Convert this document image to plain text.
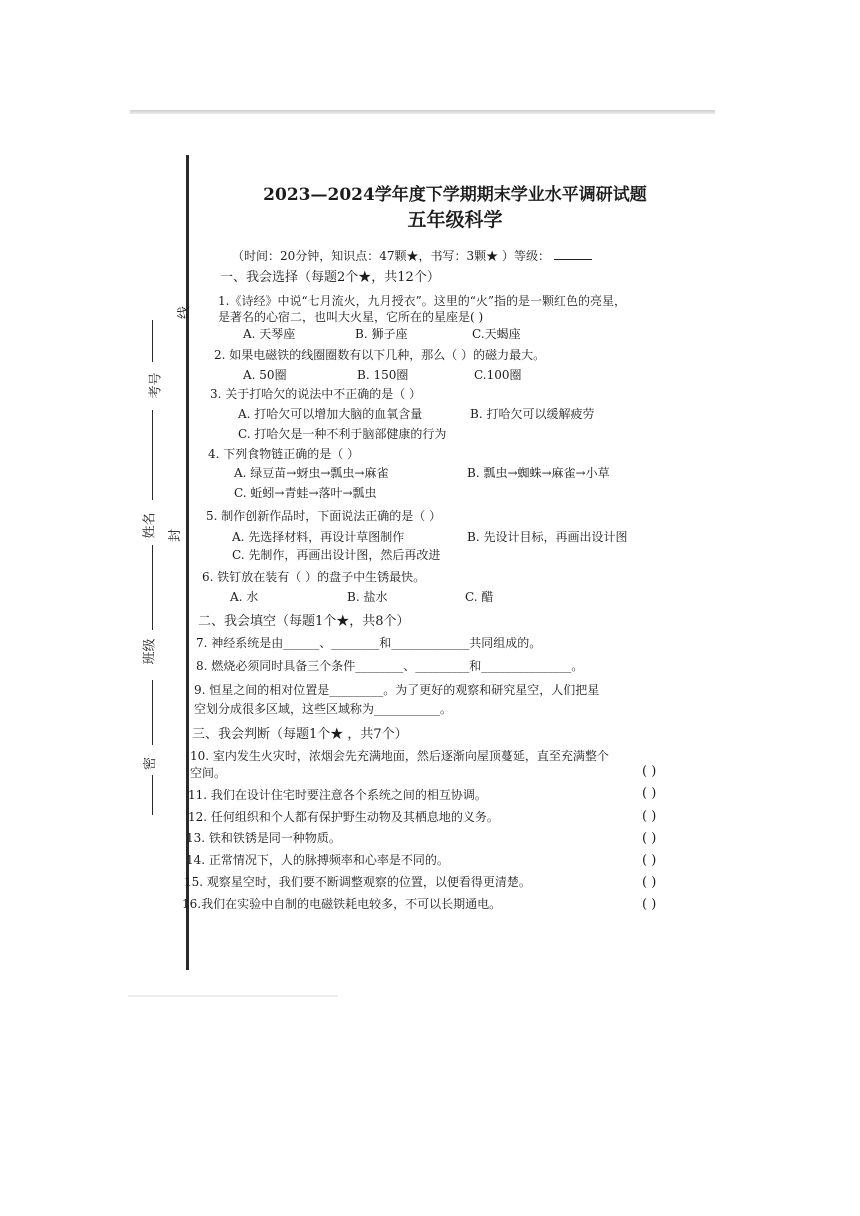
线
考号
封
姓名
班级
密
2023—2024学年度下学期期末学业水平调研试题
五年级科学
（时间：20分钟，知识点：47颗★，书写：3颗★ ）等级：
一、我会选择（每题2个★，共12个）
1.《诗经》中说“七月流火，九月授衣”。这里的“火”指的是一颗红色的亮星，
是著名的心宿二，也叫大火星，它所在的星座是( )
A. 天琴座	B. 狮子座	C.天蝎座
2. 如果电磁铁的线圈圈数有以下几种，那么（ ）的磁力最大。
A. 50圈	B. 150圈	C.100圈
3. 关于打哈欠的说法中不正确的是（ ）
A. 打哈欠可以增加大脑的血氧含量	B. 打哈欠可以缓解疲劳
C. 打哈欠是一种不利于脑部健康的行为
4. 下列食物链正确的是（ ）
A. 绿豆苗→蚜虫→瓢虫→麻雀	B. 瓢虫→蜘蛛→麻雀→小草
C. 蚯蚓→青蛙→落叶→瓢虫
5. 制作创新作品时，下面说法正确的是（ ）
A. 先选择材料，再设计草图制作	B. 先设计目标，再画出设计图
C. 先制作，再画出设计图，然后再改进
6. 铁钉放在装有（ ）的盘子中生锈最快。
A. 水	B. 盐水	C. 醋
二、我会填空（每题1个★，共8个）
7. 神经系统是由______、________和_____________共同组成的。
8. 燃烧必须同时具备三个条件________、_________和_______________。
9. 恒星之间的相对位置是_________。为了更好的观察和研究星空，人们把星
空划分成很多区域，这些区域称为___________。
三、我会判断（每题1个★ ，共7个）
10. 室内发生火灾时，浓烟会先充满地面，然后逐渐向屋顶蔓延，直至充满整个
空间。	( )
11. 我们在设计住宅时要注意各个系统之间的相互协调。	( )
12. 任何组织和个人都有保护野生动物及其栖息地的义务。	( )
13. 铁和铁锈是同一种物质。	( )
14. 正常情况下，人的脉搏频率和心率是不同的。	( )
15. 观察星空时，我们要不断调整观察的位置，以便看得更清楚。	( )
16.我们在实验中自制的电磁铁耗电较多，不可以长期通电。	( )
